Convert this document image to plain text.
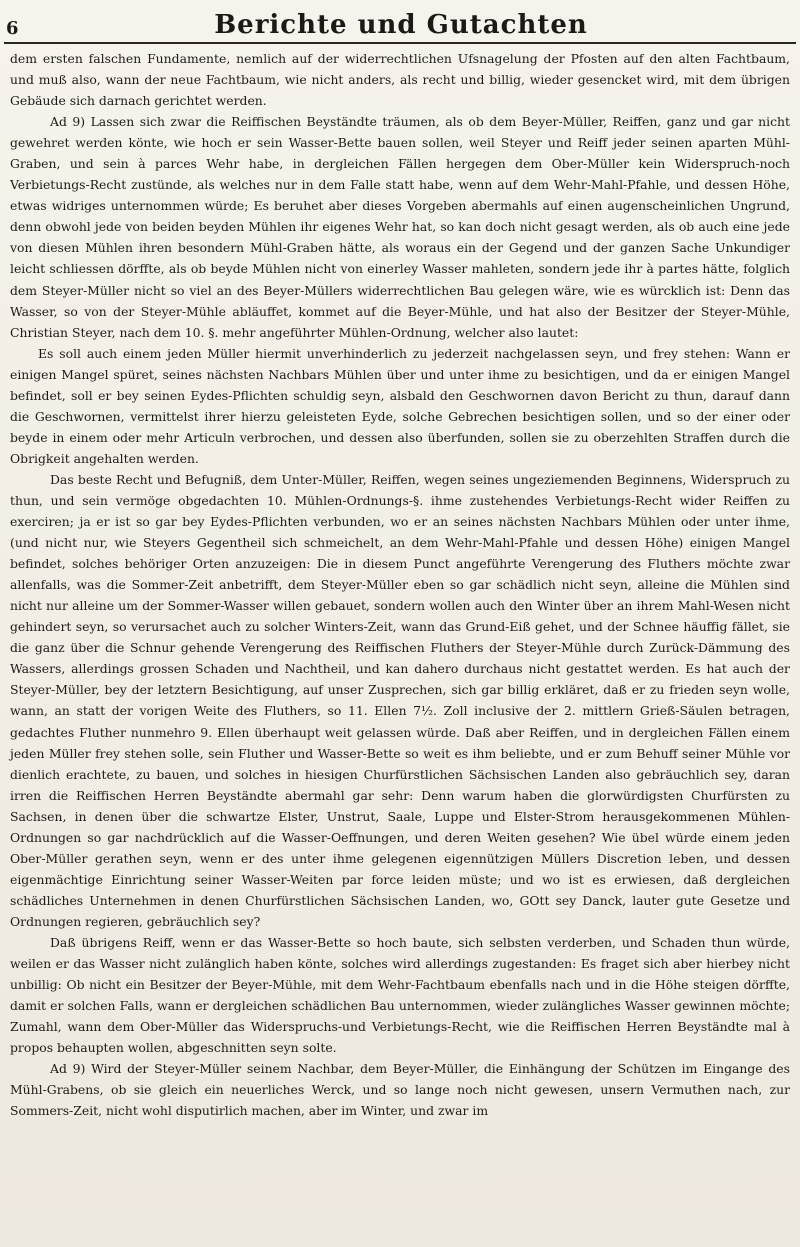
6	Berichte und Gutachten

dem ersten falschen Fundamente, nemlich auf der widerrechtlichen Ufsnagelung der Pfosten auf den alten Fachtbaum, und muß also, wann der neue Fachtbaum, wie nicht anders, als recht und billig, wieder gesencket wird, mit dem übrigen Gebäude sich darnach gerichtet werden.

Ad 9) Lassen sich zwar die Reiffischen Beyständte träumen, als ob dem Beyer-Müller, Reiffen, ganz und gar nicht gewehret werden könte, wie hoch er sein Wasser-Bette bauen sollen, weil Steyer und Reiff jeder seinen aparten Mühl-Graben, und sein à parces Wehr habe, in dergleichen Fällen hergegen dem Ober-Müller kein Widerspruch-noch Verbietungs-Recht zustünde, als welches nur in dem Falle statt habe, wenn auf dem Wehr-Mahl-Pfahle, und dessen Höhe, etwas widriges unternommen würde; Es beruhet aber dieses Vorgeben abermahls auf einen augenscheinlichen Ungrund, denn obwohl jede von beiden beyden Mühlen ihr eigenes Wehr hat, so kan doch nicht gesagt werden, als ob auch eine jede von diesen Mühlen ihren besondern Mühl-Graben hätte, als woraus ein der Gegend und der ganzen Sache Unkundiger leicht schliessen dörffte, als ob beyde Mühlen nicht von einerley Wasser mahleten, sondern jede ihr à partes hätte, folglich dem Steyer-Müller nicht so viel an des Beyer-Müllers widerrechtlichen Bau gelegen wäre, wie es würcklich ist: Denn das Wasser, so von der Steyer-Mühle abläuffet, kommet auf die Beyer-Mühle, und hat also der Besitzer der Steyer-Mühle, Christian Steyer, nach dem 10. §. mehr angeführter Mühlen-Ordnung, welcher also lautet:

Es soll auch einem jeden Müller hiermit unverhinderlich zu jederzeit nachgelassen seyn, und frey stehen: Wann er einigen Mangel spüret, seines nächsten Nachbars Mühlen über und unter ihme zu besichtigen, und da er einigen Mangel befindet, soll er bey seinen Eydes-Pflichten schuldig seyn, alsbald den Geschwornen davon Bericht zu thun, darauf dann die Geschwornen, vermittelst ihrer hierzu geleisteten Eyde, solche Gebrechen besichtigen sollen, und so der einer oder beyde in einem oder mehr Articuln verbrochen, und dessen also überfunden, sollen sie zu oberzehlten Straffen durch die Obrigkeit angehalten werden.

Das beste Recht und Befugniß, dem Unter-Müller, Reiffen, wegen seines ungeziemenden Beginnens, Widerspruch zu thun, und sein vermöge obgedachten 10. Mühlen-Ordnungs-§. ihme zustehendes Verbietungs-Recht wider Reiffen zu exerciren; ja er ist so gar bey Eydes-Pflichten verbunden, wo er an seines nächsten Nachbars Mühlen oder unter ihme, (und nicht nur, wie Steyers Gegentheil sich schmeichelt, an dem Wehr-Mahl-Pfahle und dessen Höhe) einigen Mangel befindet, solches behöriger Orten anzuzeigen: Die in diesem Punct angeführte Verengerung des Fluthers möchte zwar allenfalls, was die Sommer-Zeit anbetrifft, dem Steyer-Müller eben so gar schädlich nicht seyn, alleine die Mühlen sind nicht nur alleine um der Sommer-Wasser willen gebauet, sondern wollen auch den Winter über an ihrem Mahl-Wesen nicht gehindert seyn, so verursachet auch zu solcher Winters-Zeit, wann das Grund-Eiß gehet, und der Schnee häuffig fället, sie die ganz über die Schnur gehende Verengerung des Reiffischen Fluthers der Steyer-Mühle durch Zurück-Dämmung des Wassers, allerdings grossen Schaden und Nachtheil, und kan dahero durchaus nicht gestattet werden. Es hat auch der Steyer-Müller, bey der letztern Besichtigung, auf unser Zusprechen, sich gar billig erkläret, daß er zu frieden seyn wolle, wann, an statt der vorigen Weite des Fluthers, so 11. Ellen 7½. Zoll inclusive der 2. mittlern Grieß-Säulen betragen, gedachtes Fluther nunmehro 9. Ellen überhaupt weit gelassen würde. Daß aber Reiffen, und in dergleichen Fällen einem jeden Müller frey stehen solle, sein Fluther und Wasser-Bette so weit es ihm beliebte, und er zum Behuff seiner Mühle vor dienlich erachtete, zu bauen, und solches in hiesigen Churfürstlichen Sächsischen Landen also gebräuchlich sey, daran irren die Reiffischen Herren Beyständte abermahl gar sehr: Denn warum haben die glorwürdigsten Churfürsten zu Sachsen, in denen über die schwartze Elster, Unstrut, Saale, Luppe und Elster-Strom herausgekommenen Mühlen-Ordnungen so gar nachdrücklich auf die Wasser-Oeffnungen, und deren Weiten gesehen? Wie übel würde einem jeden Ober-Müller gerathen seyn, wenn er des unter ihme gelegenen eigennützigen Müllers Discretion leben, und dessen eigenmächtige Einrichtung seiner Wasser-Weiten par force leiden müste; und wo ist es erwiesen, daß dergleichen schädliches Unternehmen in denen Churfürstlichen Sächsischen Landen, wo, GOtt sey Danck, lauter gute Gesetze und Ordnungen regieren, gebräuchlich sey?

Daß übrigens Reiff, wenn er das Wasser-Bette so hoch baute, sich selbsten verderben, und Schaden thun würde, weilen er das Wasser nicht zulänglich haben könte, solches wird allerdings zugestanden: Es fraget sich aber hierbey nicht unbillig: Ob nicht ein Besitzer der Beyer-Mühle, mit dem Wehr-Fachtbaum ebenfalls nach und in die Höhe steigen dörffte, damit er solchen Falls, wann er dergleichen schädlichen Bau unternommen, wieder zulängliches Wasser gewinnen möchte; Zumahl, wann dem Ober-Müller das Widerspruchs-und Verbietungs-Recht, wie die Reiffischen Herren Beyständte mal à propos behaupten wollen, abgeschnitten seyn solte.

Ad 9) Wird der Steyer-Müller seinem Nachbar, dem Beyer-Müller, die Einhängung der Schützen im Eingange des Mühl-Grabens, ob sie gleich ein neuerliches Werck, und so lange noch nicht gewesen, unsern Vermuthen nach, zur Sommers-Zeit, nicht wohl disputirlich machen, aber im Winter, und zwar im
